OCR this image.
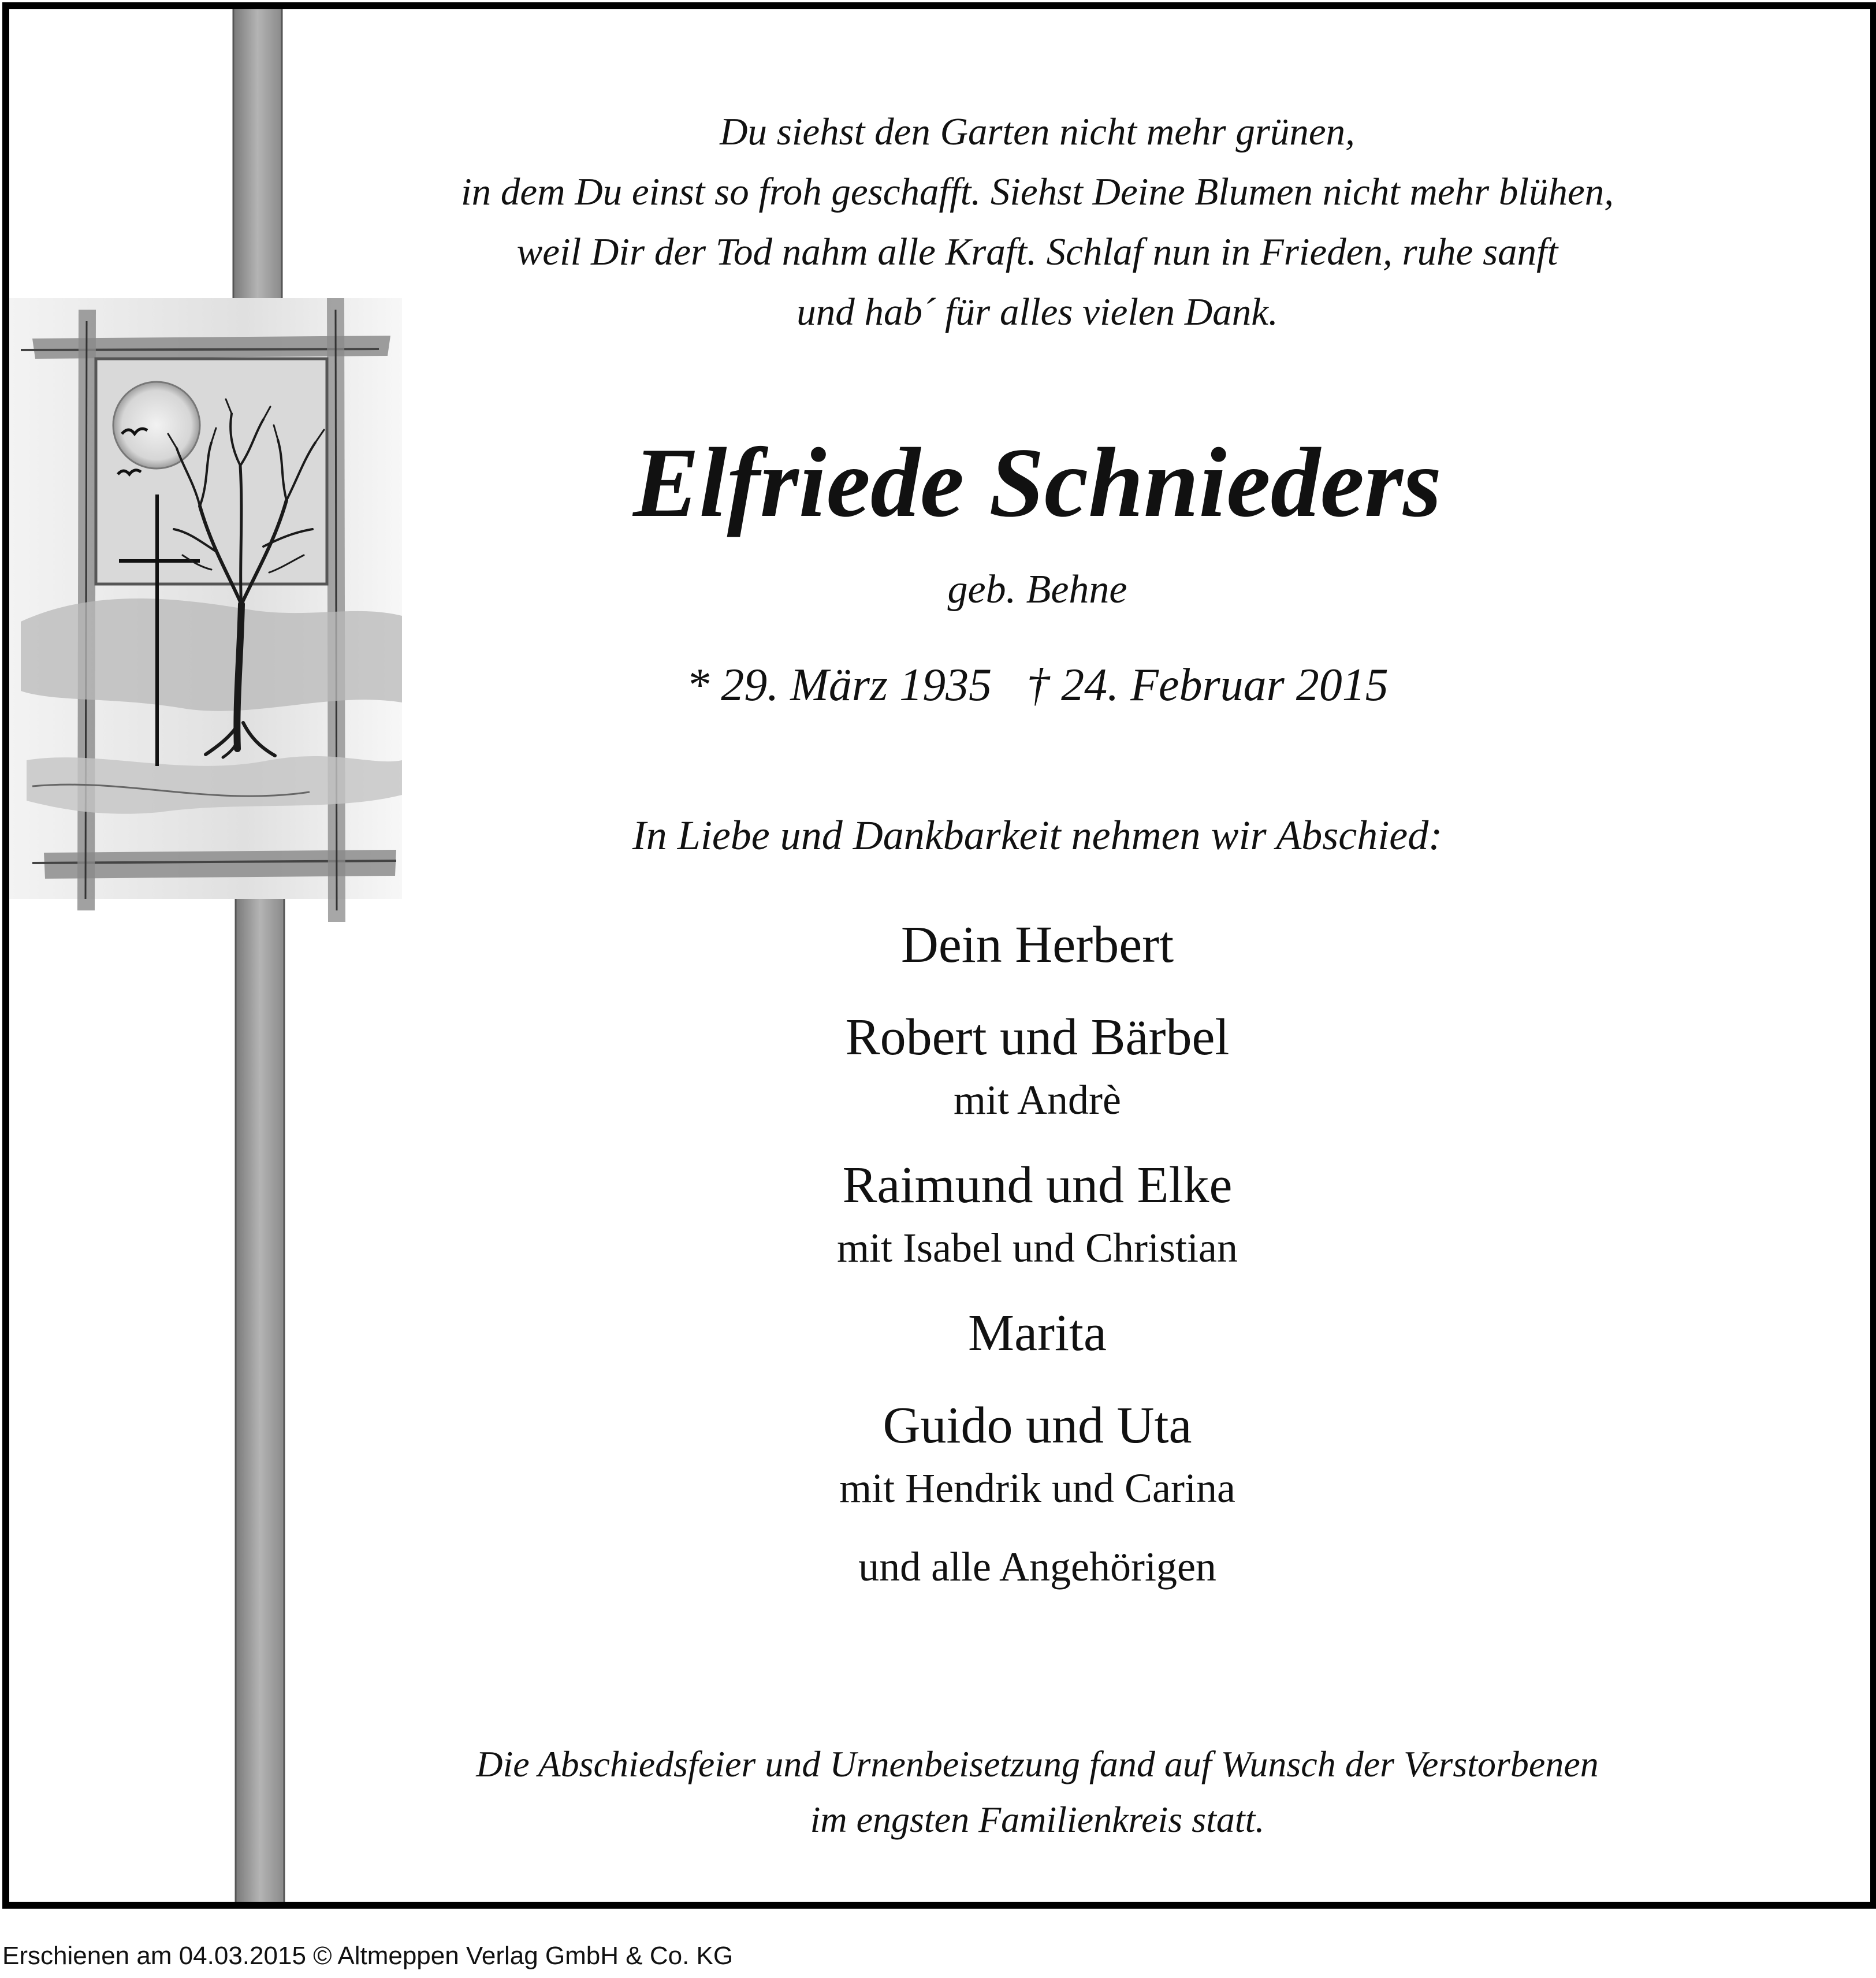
Du siehst den Garten nicht mehr grünen,
in dem Du einst so froh geschafft. Siehst Deine Blumen nicht mehr blühen,
weil Dir der Tod nahm alle Kraft. Schlaf nun in Frieden, ruhe sanft
und hab´ für alles vielen Dank.
Elfriede Schnieders
geb. Behne
* 29. März 1935 † 24. Februar 2015
In Liebe und Dankbarkeit nehmen wir Abschied:
Dein Herbert
Robert und Bärbel
mit Andrè
Raimund und Elke
mit Isabel und Christian
Marita
Guido und Uta
mit Hendrik und Carina
und alle Angehörigen
Die Abschiedsfeier und Urnenbeisetzung fand auf Wunsch der Verstorbenen
im engsten Familienkreis statt.
Erschienen am 04.03.2015 © Altmeppen Verlag GmbH & Co. KG
